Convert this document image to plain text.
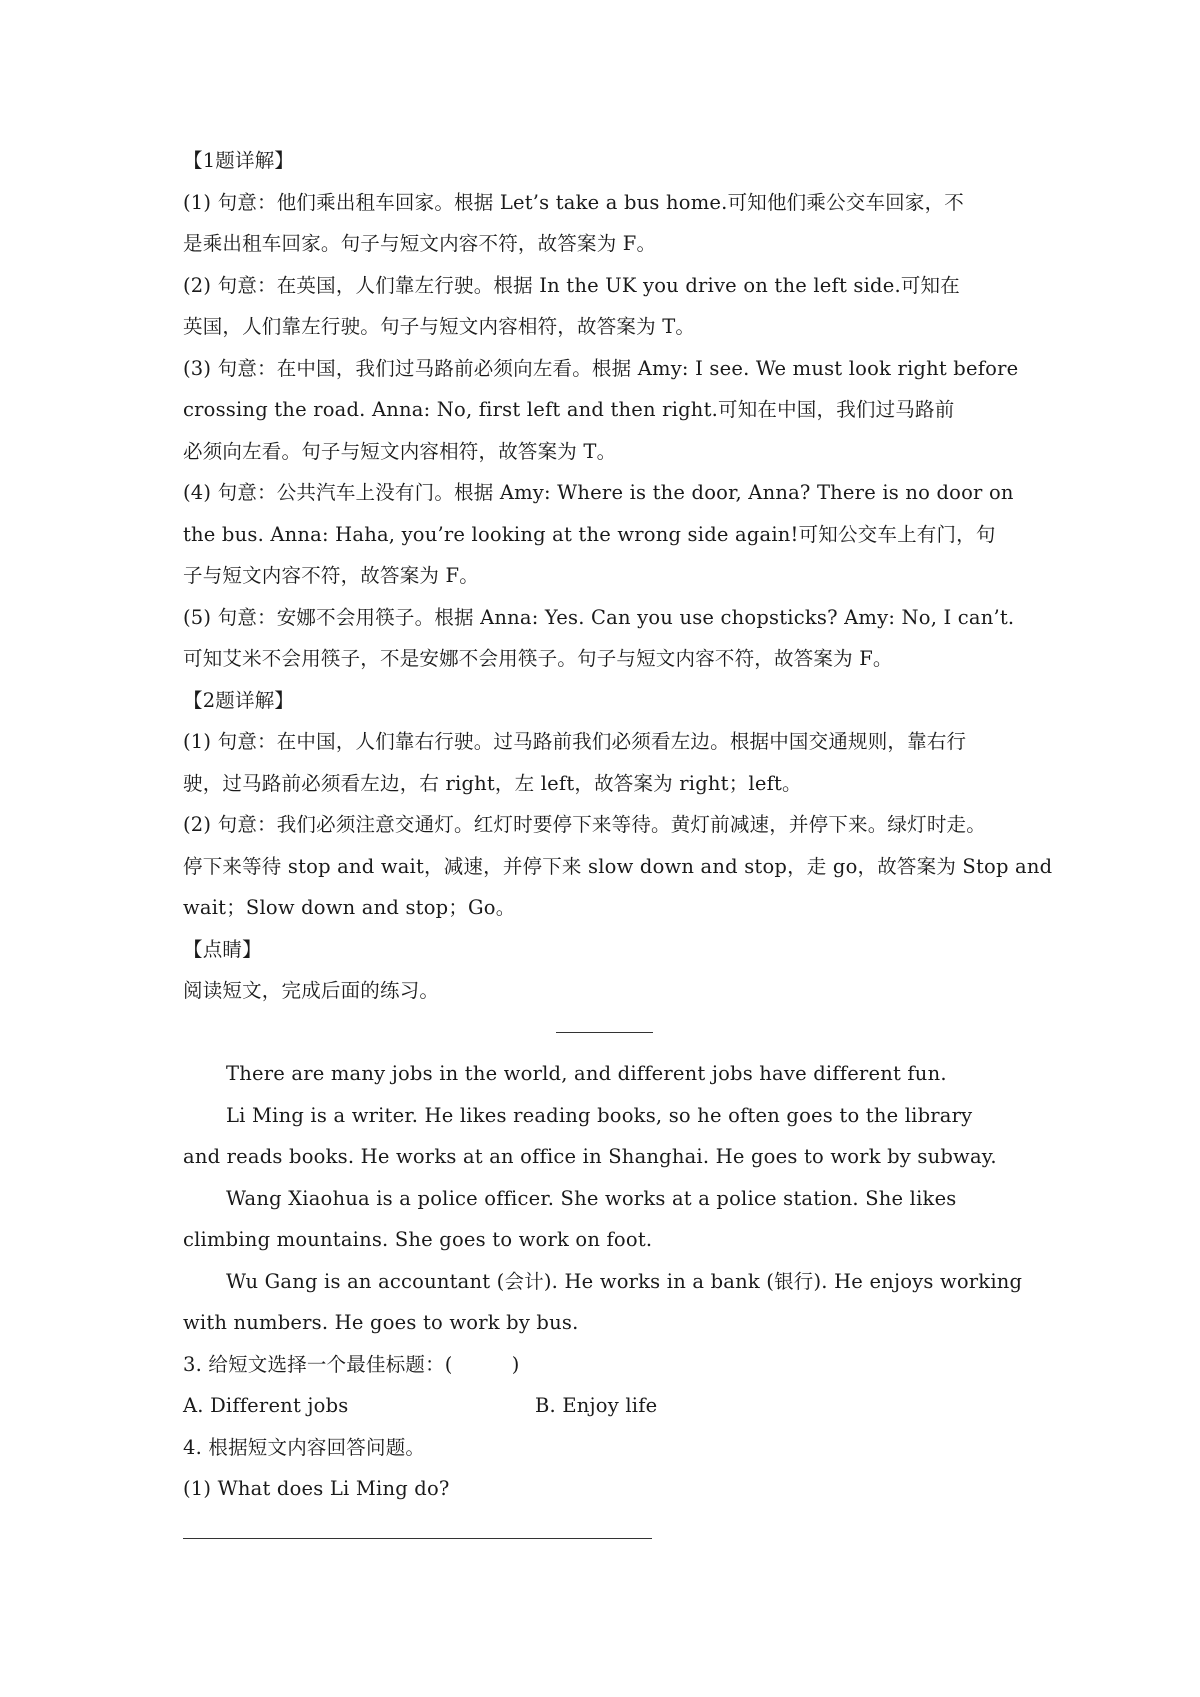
【1题详解】
(1) 句意：他们乘出租车回家。根据 Let’s take a bus home.可知他们乘公交车回家，不
是乘出租车回家。句子与短文内容不符，故答案为 F。
(2) 句意：在英国，人们靠左行驶。根据 In the UK you drive on the left side.可知在
英国，人们靠左行驶。句子与短文内容相符，故答案为 T。
(3) 句意：在中国，我们过马路前必须向左看。根据 Amy: I see. We must look right before
crossing the road. Anna: No, first left and then right.可知在中国，我们过马路前
必须向左看。句子与短文内容相符，故答案为 T。
(4) 句意：公共汽车上没有门。根据 Amy: Where is the door, Anna? There is no door on
the bus. Anna: Haha, you’re looking at the wrong side again!可知公交车上有门，句
子与短文内容不符，故答案为 F。
(5) 句意：安娜不会用筷子。根据 Anna: Yes. Can you use chopsticks? Amy: No, I can’t.
可知艾米不会用筷子，不是安娜不会用筷子。句子与短文内容不符，故答案为 F。
【2题详解】
(1) 句意：在中国，人们靠右行驶。过马路前我们必须看左边。根据中国交通规则，靠右行
驶，过马路前必须看左边，右 right，左 left，故答案为 right；left。
(2) 句意：我们必须注意交通灯。红灯时要停下来等待。黄灯前减速，并停下来。绿灯时走。
停下来等待 stop and wait，减速，并停下来 slow down and stop，走 go，故答案为 Stop and
wait；Slow down and stop；Go。
【点睛】
阅读短文，完成后面的练习。
There are many jobs in the world, and different jobs have different fun.
Li Ming is a writer. He likes reading books, so he often goes to the library
and reads books. He works at an office in Shanghai. He goes to work by subway.
Wang Xiaohua is a police officer. She works at a police station. She likes
climbing mountains. She goes to work on foot.
Wu Gang is an accountant (会计). He works in a bank (银行). He enjoys working
with numbers. He goes to work by bus.
3. 给短文选择一个最佳标题：(　　　)
A. Different jobs	B. Enjoy life
4. 根据短文内容回答问题。
(1) What does Li Ming do?
